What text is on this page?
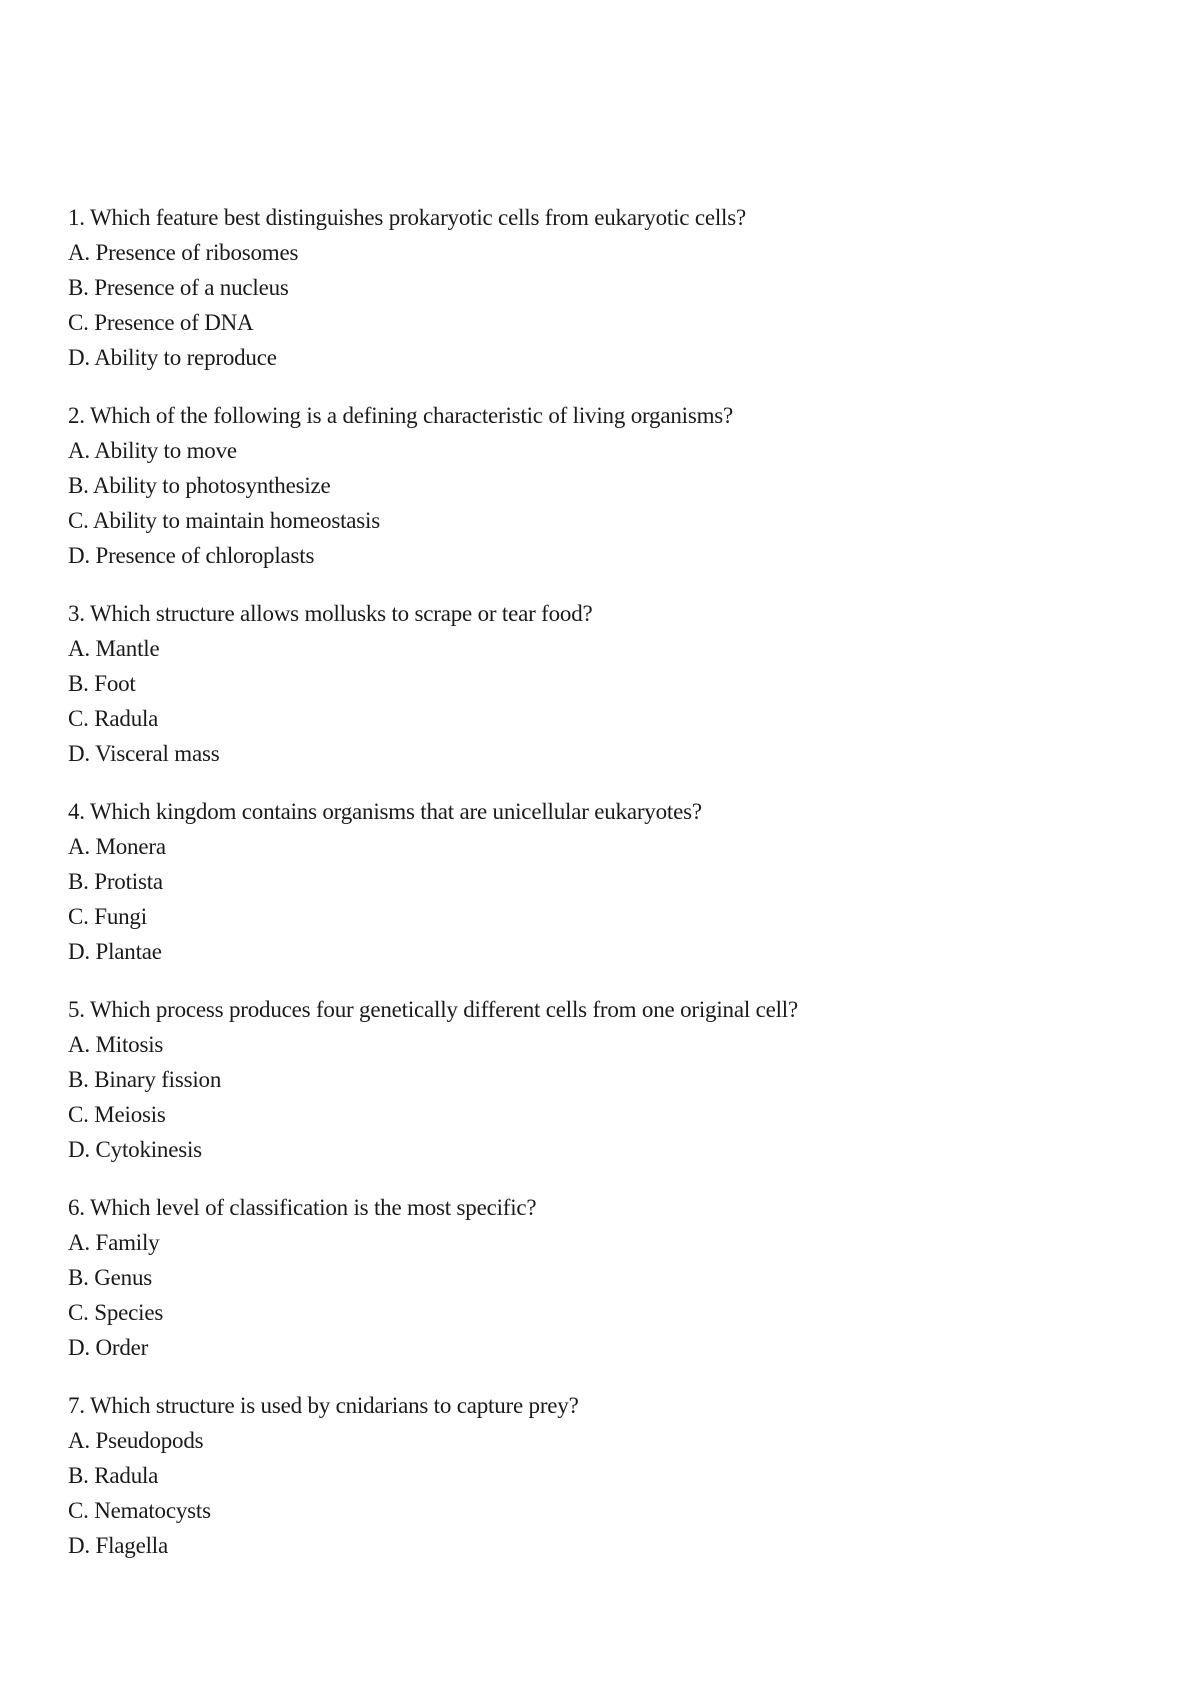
1. Which feature best distinguishes prokaryotic cells from eukaryotic cells?
A. Presence of ribosomes
B. Presence of a nucleus
C. Presence of DNA
D. Ability to reproduce
2. Which of the following is a defining characteristic of living organisms?
A. Ability to move
B. Ability to photosynthesize
C. Ability to maintain homeostasis
D. Presence of chloroplasts
3. Which structure allows mollusks to scrape or tear food?
A. Mantle
B. Foot
C. Radula
D. Visceral mass
4. Which kingdom contains organisms that are unicellular eukaryotes?
A. Monera
B. Protista
C. Fungi
D. Plantae
5. Which process produces four genetically different cells from one original cell?
A. Mitosis
B. Binary fission
C. Meiosis
D. Cytokinesis
6. Which level of classification is the most specific?
A. Family
B. Genus
C. Species
D. Order
7. Which structure is used by cnidarians to capture prey?
A. Pseudopods
B. Radula
C. Nematocysts
D. Flagella
